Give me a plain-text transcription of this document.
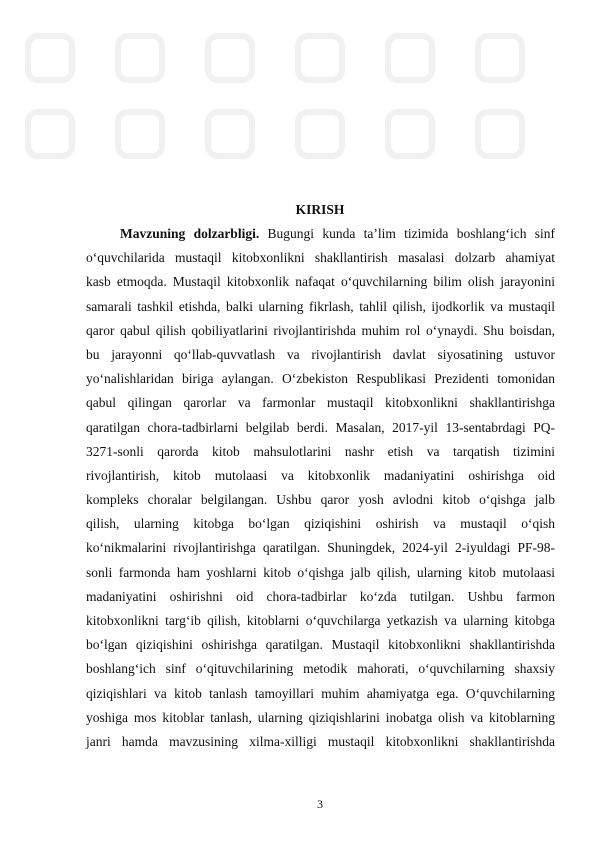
KIRISH
Mavzuning dolzarbligi. Bugungi kunda ta’lim tizimida boshlang‘ich sinf
o‘quvchilarida mustaqil kitobxonlikni shakllantirish masalasi dolzarb ahamiyat
kasb etmoqda. Mustaqil kitobxonlik nafaqat o‘quvchilarning bilim olish jarayonini
samarali tashkil etishda, balki ularning fikrlash, tahlil qilish, ijodkorlik va mustaqil
qaror qabul qilish qobiliyatlarini rivojlantirishda muhim rol o‘ynaydi. Shu boisdan,
bu jarayonni qo‘llab-quvvatlash va rivojlantirish davlat siyosatining ustuvor
yo‘nalishlaridan biriga aylangan. O‘zbekiston Respublikasi Prezidenti tomonidan
qabul qilingan qarorlar va farmonlar mustaqil kitobxonlikni shakllantirishga
qaratilgan chora-tadbirlarni belgilab berdi. Masalan, 2017-yil 13-sentabrdagi PQ-
3271-sonli qarorda kitob mahsulotlarini nashr etish va tarqatish tizimini
rivojlantirish, kitob mutolaasi va kitobxonlik madaniyatini oshirishga oid
kompleks choralar belgilangan. Ushbu qaror yosh avlodni kitob o‘qishga jalb
qilish, ularning kitobga bo‘lgan qiziqishini oshirish va mustaqil o‘qish
ko‘nikmalarini rivojlantirishga qaratilgan. Shuningdek, 2024-yil 2-iyuldagi PF-98-
sonli farmonda ham yoshlarni kitob o‘qishga jalb qilish, ularning kitob mutolaasi
madaniyatini oshirishni oid chora-tadbirlar ko‘zda tutilgan. Ushbu farmon
kitobxonlikni targ‘ib qilish, kitoblarni o‘quvchilarga yetkazish va ularning kitobga
bo‘lgan qiziqishini oshirishga qaratilgan. Mustaqil kitobxonlikni shakllantirishda
boshlang‘ich sinf o‘qituvchilarining metodik mahorati, o‘quvchilarning shaxsiy
qiziqishlari va kitob tanlash tamoyillari muhim ahamiyatga ega. O‘quvchilarning
yoshiga mos kitoblar tanlash, ularning qiziqishlarini inobatga olish va kitoblarning
janri hamda mavzusining xilma-xilligi mustaqil kitobxonlikni shakllantirishda
3
